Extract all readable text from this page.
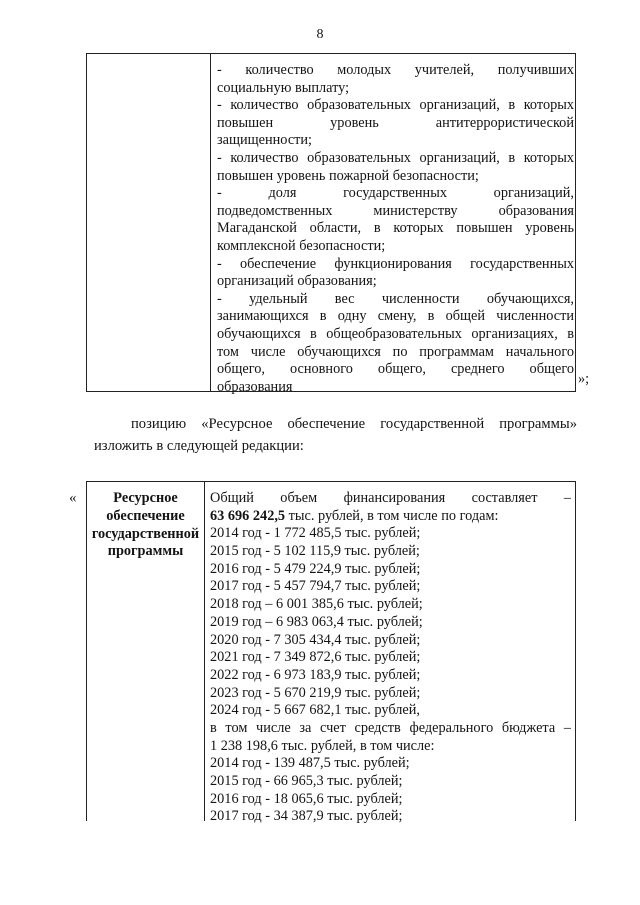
8
- количество молодых учителей, получивших
социальную выплату;
- количество образовательных организаций, в которых
повышен уровень антитеррористической
защищенности;
- количество образовательных организаций, в которых
повышен уровень пожарной безопасности;
- доля государственных организаций,
подведомственных министерству образования
Магаданской области, в которых повышен уровень
комплексной безопасности;
- обеспечение функционирования государственных
организаций образования;
- удельный вес численности обучающихся,
занимающихся в одну смену, в общей численности
обучающихся в общеобразовательных организациях, в
том числе обучающихся по программам начального
общего, основного общего, среднего общего
образования	»;
позицию «Ресурсное обеспечение государственной программы»
изложить в следующей редакции:
«	Ресурсное
обеспечение
государственной
программы
Общий объем финансирования составляет –
63 696 242,5 тыс. рублей, в том числе по годам:
2014 год - 1 772 485,5 тыс. рублей;
2015 год - 5 102 115,9 тыс. рублей;
2016 год - 5 479 224,9 тыс. рублей;
2017 год - 5 457 794,7 тыс. рублей;
2018 год – 6 001 385,6 тыс. рублей;
2019 год – 6 983 063,4 тыс. рублей;
2020 год - 7 305 434,4 тыс. рублей;
2021 год - 7 349 872,6 тыс. рублей;
2022 год - 6 973 183,9 тыс. рублей;
2023 год - 5 670 219,9 тыс. рублей;
2024 год - 5 667 682,1 тыс. рублей,
в том числе за счет средств федерального бюджета –
1 238 198,6 тыс. рублей, в том числе:
2014 год - 139 487,5 тыс. рублей;
2015 год - 66 965,3 тыс. рублей;
2016 год - 18 065,6 тыс. рублей;
2017 год - 34 387,9 тыс. рублей;
